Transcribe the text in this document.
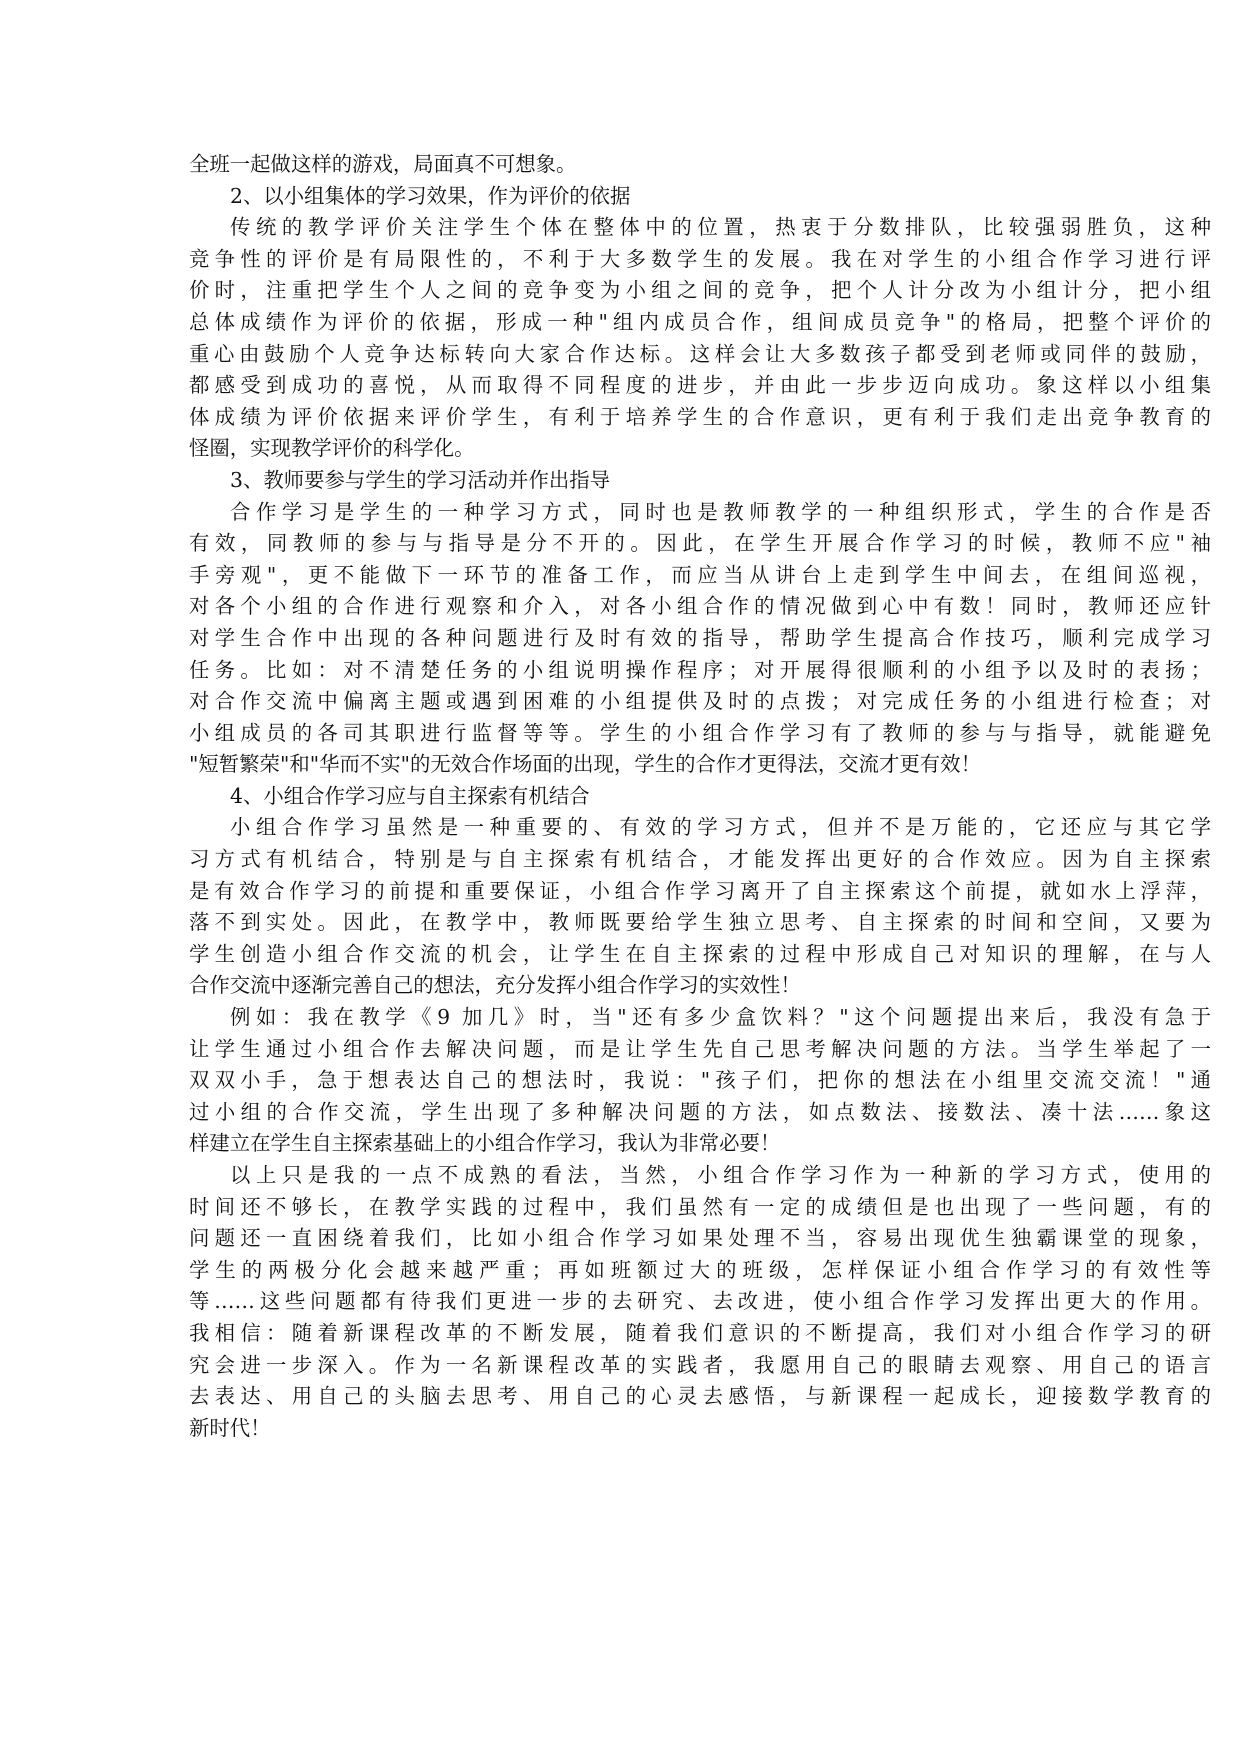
全班一起做这样的游戏，局面真不可想象。
2、以小组集体的学习效果，作为评价的依据
传统的教学评价关注学生个体在整体中的位置，热衷于分数排队，比较强弱胜负，这种
竞争性的评价是有局限性的，不利于大多数学生的发展。我在对学生的小组合作学习进行评
价时，注重把学生个人之间的竞争变为小组之间的竞争，把个人计分改为小组计分，把小组
总体成绩作为评价的依据，形成一种"组内成员合作，组间成员竞争"的格局，把整个评价的
重心由鼓励个人竞争达标转向大家合作达标。这样会让大多数孩子都受到老师或同伴的鼓励，
都感受到成功的喜悦，从而取得不同程度的进步，并由此一步步迈向成功。象这样以小组集
体成绩为评价依据来评价学生，有利于培养学生的合作意识，更有利于我们走出竞争教育的
怪圈，实现教学评价的科学化。
3、教师要参与学生的学习活动并作出指导
合作学习是学生的一种学习方式，同时也是教师教学的一种组织形式，学生的合作是否
有效，同教师的参与与指导是分不开的。因此，在学生开展合作学习的时候，教师不应"袖
手旁观"，更不能做下一环节的准备工作，而应当从讲台上走到学生中间去，在组间巡视，
对各个小组的合作进行观察和介入，对各小组合作的情况做到心中有数！同时，教师还应针
对学生合作中出现的各种问题进行及时有效的指导，帮助学生提高合作技巧，顺利完成学习
任务。比如：对不清楚任务的小组说明操作程序；对开展得很顺利的小组予以及时的表扬；
对合作交流中偏离主题或遇到困难的小组提供及时的点拨；对完成任务的小组进行检查；对
小组成员的各司其职进行监督等等。学生的小组合作学习有了教师的参与与指导，就能避免
"短暂繁荣"和"华而不实"的无效合作场面的出现，学生的合作才更得法，交流才更有效！
4、小组合作学习应与自主探索有机结合
小组合作学习虽然是一种重要的、有效的学习方式，但并不是万能的，它还应与其它学
习方式有机结合，特别是与自主探索有机结合，才能发挥出更好的合作效应。因为自主探索
是有效合作学习的前提和重要保证，小组合作学习离开了自主探索这个前提，就如水上浮萍，
落不到实处。因此，在教学中，教师既要给学生独立思考、自主探索的时间和空间，又要为
学生创造小组合作交流的机会，让学生在自主探索的过程中形成自己对知识的理解，在与人
合作交流中逐渐完善自己的想法，充分发挥小组合作学习的实效性！
例如：我在教学《9 加几》时，当"还有多少盒饮料？"这个问题提出来后，我没有急于
让学生通过小组合作去解决问题，而是让学生先自己思考解决问题的方法。当学生举起了一
双双小手，急于想表达自己的想法时，我说："孩子们，把你的想法在小组里交流交流！"通
过小组的合作交流，学生出现了多种解决问题的方法，如点数法、接数法、凑十法……象这
样建立在学生自主探索基础上的小组合作学习，我认为非常必要！
以上只是我的一点不成熟的看法，当然，小组合作学习作为一种新的学习方式，使用的
时间还不够长，在教学实践的过程中，我们虽然有一定的成绩但是也出现了一些问题，有的
问题还一直困绕着我们，比如小组合作学习如果处理不当，容易出现优生独霸课堂的现象，
学生的两极分化会越来越严重；再如班额过大的班级，怎样保证小组合作学习的有效性等
等……这些问题都有待我们更进一步的去研究、去改进，使小组合作学习发挥出更大的作用。
我相信：随着新课程改革的不断发展，随着我们意识的不断提高，我们对小组合作学习的研
究会进一步深入。作为一名新课程改革的实践者，我愿用自己的眼睛去观察、用自己的语言
去表达、用自己的头脑去思考、用自己的心灵去感悟，与新课程一起成长，迎接数学教育的
新时代！
